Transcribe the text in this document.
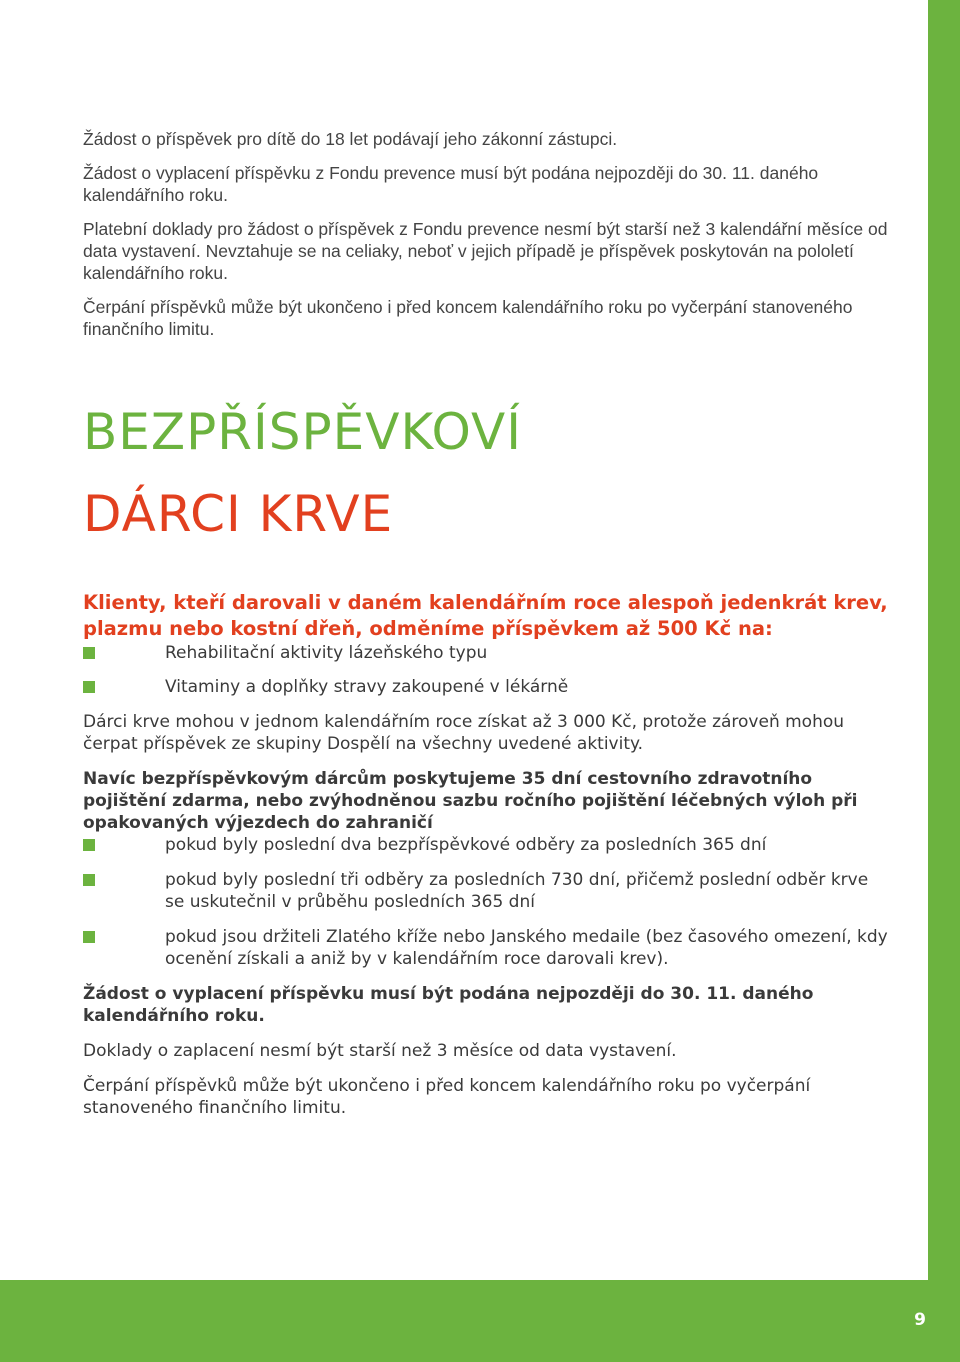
9

Žádost o příspěvek pro dítě do 18 let podávají jeho zákonní zástupci.

Žádost o vyplacení příspěvku z Fondu prevence musí být podána nejpozději do 30. 11. daného kalendářního roku.

Platební doklady pro žádost o příspěvek z Fondu prevence nesmí být starší než 3 kalendářní měsíce od data vystavení. Nevztahuje se na celiaky, neboť v jejich případě je příspěvek poskytován na pololetí kalendářního roku.

Čerpání příspěvků může být ukončeno i před koncem kalendářního roku po vyčerpání stanoveného finančního limitu.

BEZPŘÍSPĚVKOVÍ
DÁRCI KRVE

Klienty, kteří darovali v daném kalendářním roce alespoň jedenkrát krev, plazmu nebo kostní dřeň, odměníme příspěvkem až 500 Kč na:

Rehabilitační aktivity lázeňského typu
Vitaminy a doplňky stravy zakoupené v lékárně

Dárci krve mohou v jednom kalendářním roce získat až 3 000 Kč, protože zároveň mohou čerpat příspěvek ze skupiny Dospělí na všechny uvedené aktivity.

Navíc bezpříspěvkovým dárcům poskytujeme 35 dní cestovního zdravotního pojištění zdarma, nebo zvýhodněnou sazbu ročního pojištění léčebných výloh při opakovaných výjezdech do zahraničí

pokud byly poslední dva bezpříspěvkové odběry za posledních 365 dní
pokud byly poslední tři odběry za posledních 730 dní, přičemž poslední odběr krve se uskutečnil v průběhu posledních 365 dní
pokud jsou držiteli Zlatého kříže nebo Janského medaile (bez časového omezení, kdy ocenění získali a aniž by v kalendářním roce darovali krev).

Žádost o vyplacení příspěvku musí být podána nejpozději do 30. 11. daného kalendářního roku.

Doklady o zaplacení nesmí být starší než 3 měsíce od data vystavení.

Čerpání příspěvků může být ukončeno i před koncem kalendářního roku po vyčerpání stanoveného finančního limitu.
